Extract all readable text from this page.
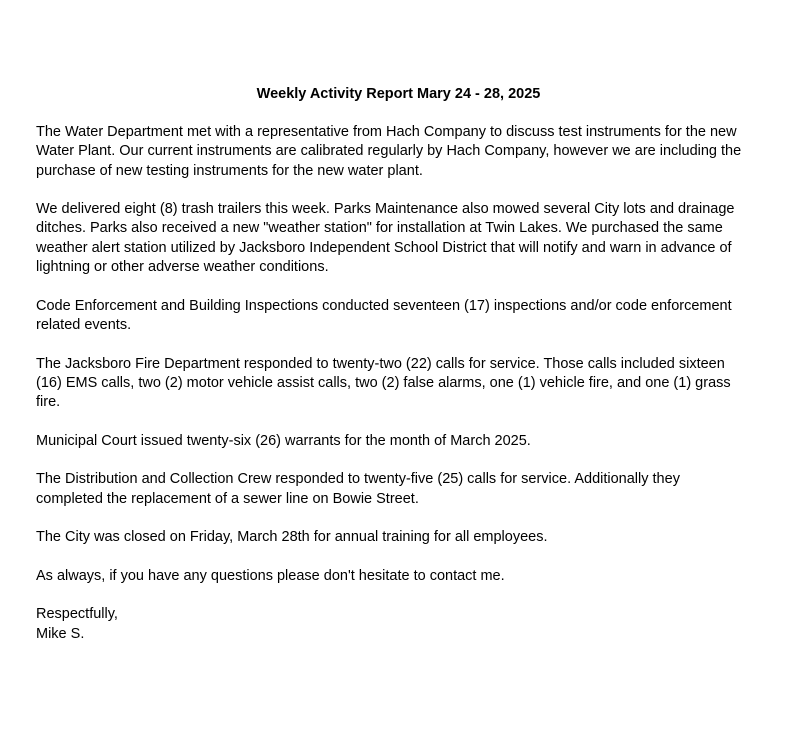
Weekly Activity Report Mary 24 - 28, 2025
The Water Department met with a representative from Hach Company to discuss test instruments for the new
Water Plant. Our current instruments are calibrated regularly by Hach Company, however we are including the
purchase of new testing instruments for the new water plant.
We delivered eight (8) trash trailers this week. Parks Maintenance also mowed several City lots and drainage
ditches. Parks also received a new "weather station" for installation at Twin Lakes. We purchased the same
weather alert station utilized by Jacksboro Independent School District that will notify and warn in advance of
lightning or other adverse weather conditions.
Code Enforcement and Building Inspections conducted seventeen (17) inspections and/or code enforcement
related events.
The Jacksboro Fire Department responded to twenty-two (22) calls for service. Those calls included sixteen
(16) EMS calls, two (2) motor vehicle assist calls, two (2) false alarms, one (1) vehicle fire, and one (1) grass
fire.
Municipal Court issued twenty-six (26) warrants for the month of March 2025.
The Distribution and Collection Crew responded to twenty-five (25) calls for service. Additionally they
completed the replacement of a sewer line on Bowie Street.
The City was closed on Friday, March 28th for annual training for all employees.
As always, if you have any questions please don't hesitate to contact me.
Respectfully,
Mike S.
